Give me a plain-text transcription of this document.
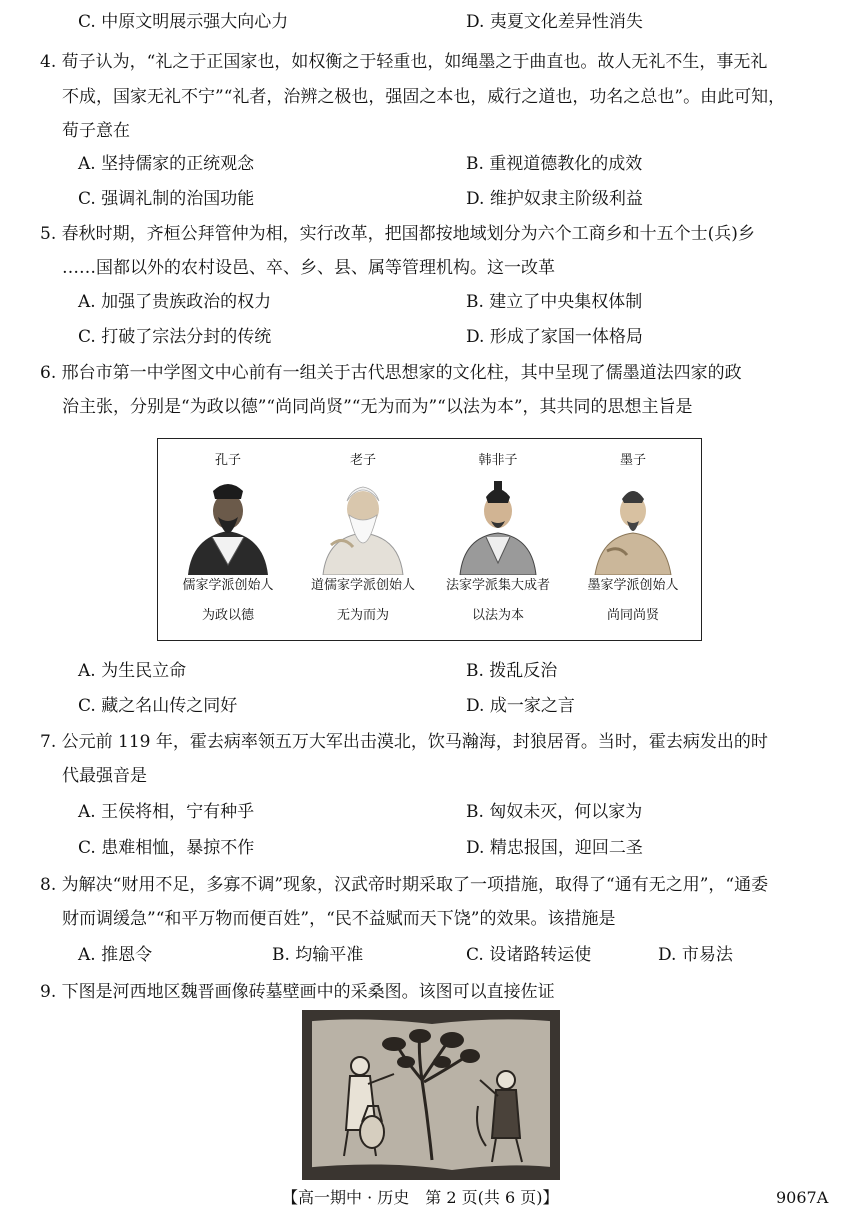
C. 中原文明展示强大向心力	D. 夷夏文化差异性消失
4. 荀子认为，“礼之于正国家也，如权衡之于轻重也，如绳墨之于曲直也。故人无礼不生，事无礼
不成，国家无礼不宁”“礼者，治辨之极也，强固之本也，威行之道也，功名之总也”。由此可知，
荀子意在
A. 坚持儒家的正统观念	B. 重视道德教化的成效
C. 强调礼制的治国功能	D. 维护奴隶主阶级利益
5. 春秋时期，齐桓公拜管仲为相，实行改革，把国都按地域划分为六个工商乡和十五个士(兵)乡
……国都以外的农村设邑、卒、乡、县、属等管理机构。这一改革
A. 加强了贵族政治的权力	B. 建立了中央集权体制
C. 打破了宗法分封的传统	D. 形成了家国一体格局
6. 邢台市第一中学图文中心前有一组关于古代思想家的文化柱，其中呈现了儒墨道法四家的政
治主张，分别是“为政以德”“尚同尚贤”“无为而为”“以法为本”，其共同的思想主旨是
孔子
儒家学派创始人
为政以德
老子
道儒家学派创始人
无为而为
韩非子
法家学派集大成者
以法为本
墨子
墨家学派创始人
尚同尚贤
A. 为生民立命	B. 拨乱反治
C. 藏之名山传之同好	D. 成一家之言
7. 公元前 119 年，霍去病率领五万大军出击漠北，饮马瀚海，封狼居胥。当时，霍去病发出的时
代最强音是
A. 王侯将相，宁有种乎	B. 匈奴未灭，何以家为
C. 患难相恤，暴掠不作	D. 精忠报国，迎回二圣
8. 为解决“财用不足，多寡不调”现象，汉武帝时期采取了一项措施，取得了“通有无之用”，“通委
财而调缓急”“和平万物而便百姓”，“民不益赋而天下饶”的效果。该措施是
A. 推恩令	B. 均输平准	C. 设诸路转运使	D. 市易法
9. 下图是河西地区魏晋画像砖墓壁画中的采桑图。该图可以直接佐证
【高一期中 · 历史　第 2 页(共 6 页)】	9067A
